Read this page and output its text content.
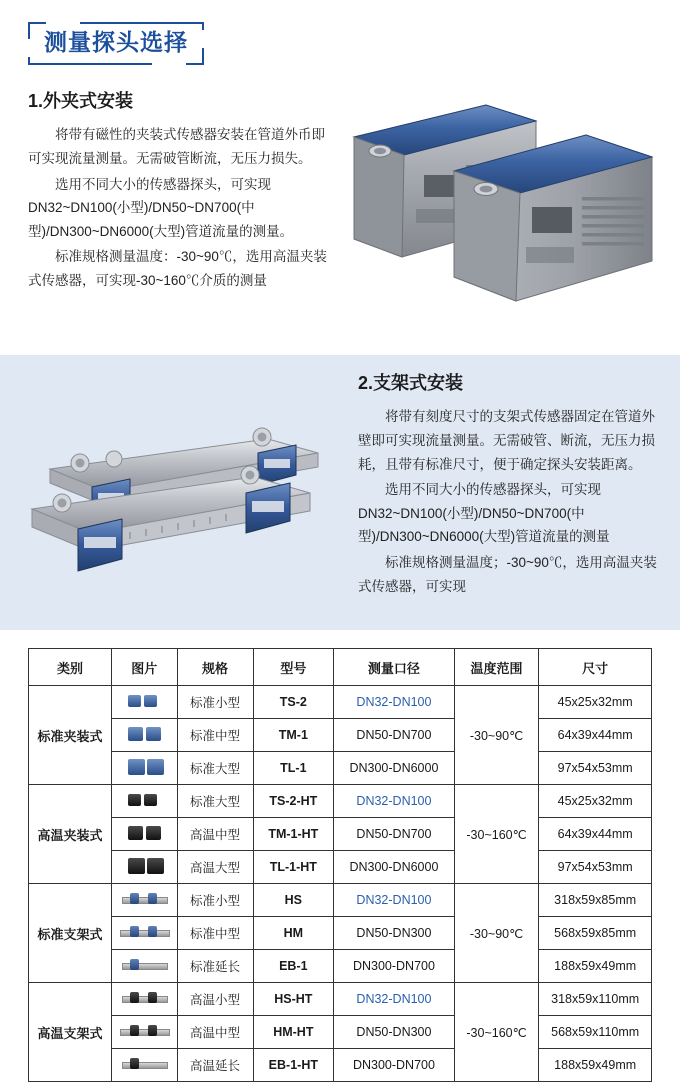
测量探头选择
1.外夹式安装
将带有磁性的夹装式传感器安装在管道外币即可实现流量测量。无需破管断流，无压力损失。
选用不同大小的传感器探头，可实现DN32~DN100(小型)/DN50~DN700(中型)/DN300~DN6000(大型)管道流量的测量。
标准规格测量温度：-30~90℃，选用高温夹装式传感器，可实现-30~160℃介质的测量
2.支架式安装
将带有刻度尺寸的支架式传感器固定在管道外壁即可实现流量测量。无需破管、断流，无压力损耗，且带有标准尺寸，便于确定探头安装距离。
选用不同大小的传感器探头，可实现DN32~DN100(小型)/DN50~DN700(中型)/DN300~DN6000(大型)管道流量的测量
标准规格测量温度；-30~90℃，选用高温夹装式传感器，可实现
类别	图片	规格	型号	测量口径	温度范围	尺寸
标准夹装式		标准小型	TS-2	DN32-DN100	-30~90℃	45x25x32mm

		标准中型	TM-1	DN50-DN700		64x39x44mm

		标准大型	TL-1	DN300-DN6000		97x54x53mm
高温夹装式		标准大型	TS-2-HT	DN32-DN100	-30~160℃	45x25x32mm

		高温中型	TM-1-HT	DN50-DN700		64x39x44mm

		高温大型	TL-1-HT	DN300-DN6000		97x54x53mm
标准支架式		标准小型	HS	DN32-DN100	-30~90℃	318x59x85mm

		标准中型	HM	DN50-DN300		568x59x85mm

		标准延长	EB-1	DN300-DN700		188x59x49mm
高温支架式		高温小型	HS-HT	DN32-DN100	-30~160℃	318x59x110mm

		高温中型	HM-HT	DN50-DN300		568x59x110mm

		高温延长	EB-1-HT	DN300-DN700		188x59x49mm
